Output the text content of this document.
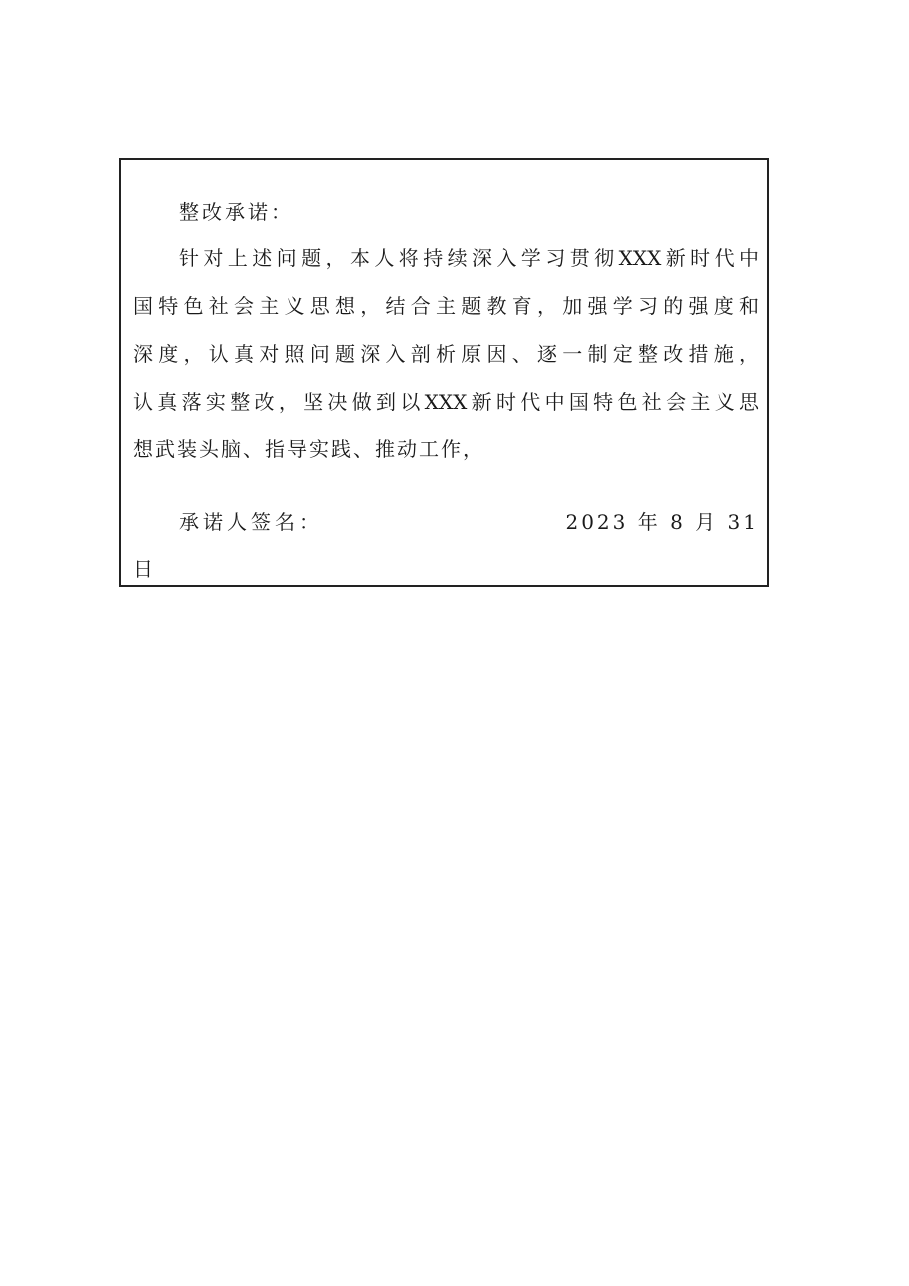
整改承诺：
针对上述问题，本人将持续深入学习贯彻XXX新时代中
国特色社会主义思想，结合主题教育，加强学习的强度和
深度，认真对照问题深入剖析原因、逐一制定整改措施，
认真落实整改，坚决做到以XXX新时代中国特色社会主义思
想武装头脑、指导实践、推动工作，
承诺人签名：	2023 年 8 月 31
日
